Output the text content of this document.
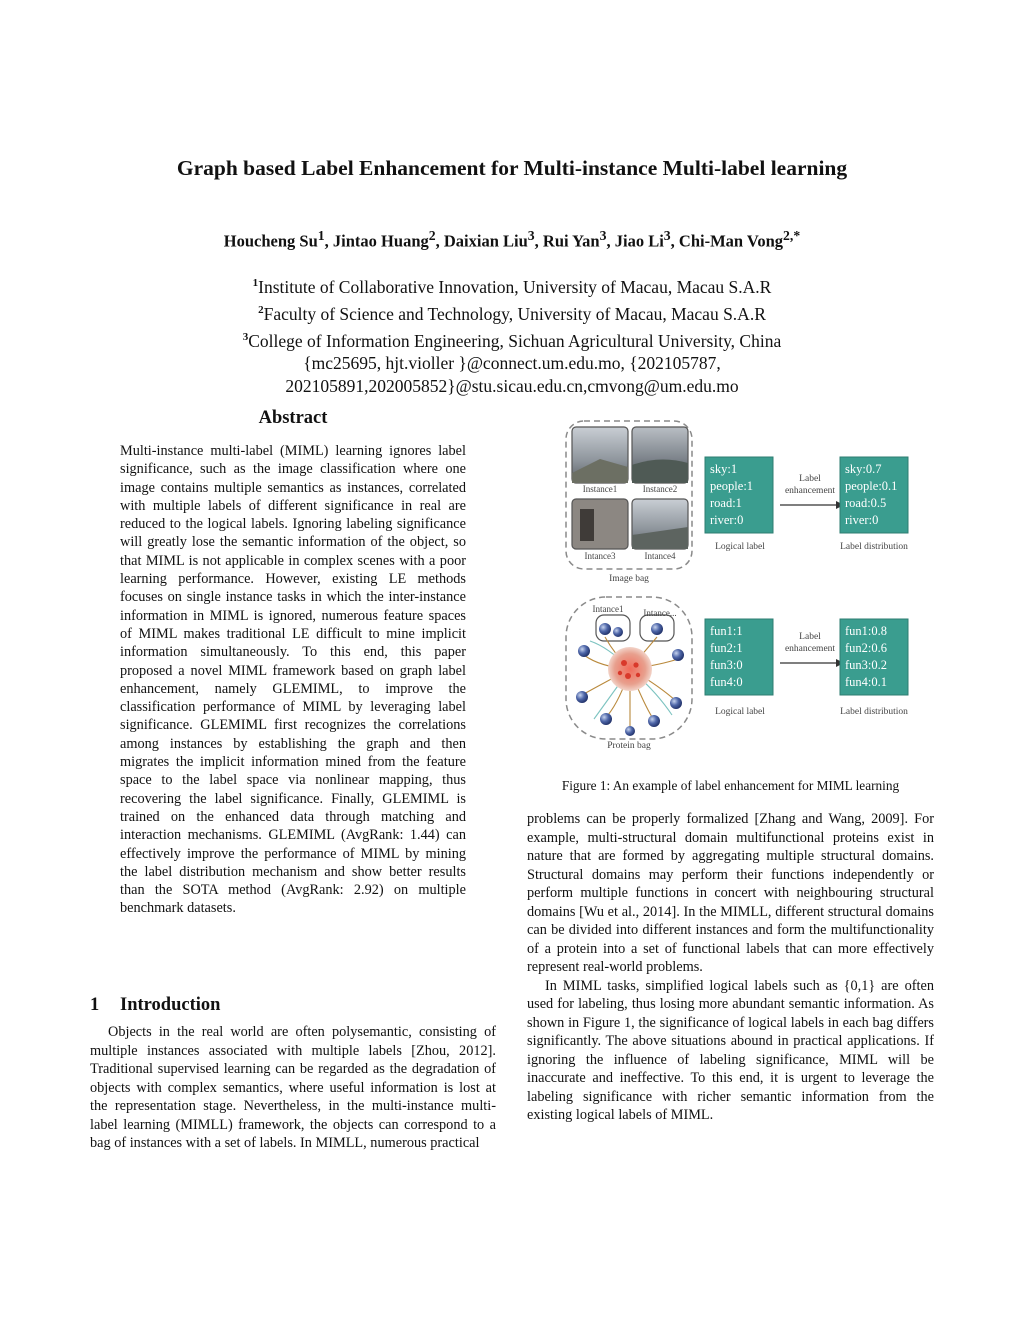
Graph based Label Enhancement for Multi-instance Multi-label learning
Houcheng Su$^1$, Jintao Huang$^2$, Daixian Liu$^3$, Rui Yan$^3$, Jiao Li$^3$, Chi-Man Vong$^{2,*}$
$^1$Institute of Collaborative Innovation, University of Macau, Macau S.A.R
$^2$Faculty of Science and Technology, University of Macau, Macau S.A.R
$^3$College of Information Engineering, Sichuan Agricultural University, China
{mc25695, hjt.violler }@connect.um.edu.mo, {202105787,
202105891,202005852}@stu.sicau.edu.cn,cmvong@um.edu.mo
Abstract
Multi-instance multi-label (MIML) learning ignores label significance, such as the image classification where one image contains multiple semantics as instances, correlated with multiple labels of different significance in real are reduced to the logical labels. Ignoring labeling significance will greatly lose the semantic information of the object, so that MIML is not applicable in complex scenes with a poor learning performance. However, existing LE methods focuses on single instance tasks in which the inter-instance information in MIML is ignored, numerous feature spaces of MIML makes traditional LE difficult to mine implicit information simultaneously. To this end, this paper proposed a novel MIML framework based on graph label enhancement, namely GLEMIML, to improve the classification performance of MIML by leveraging label significance. GLEMIML first recognizes the correlations among instances by establishing the graph and then migrates the implicit information mined from the feature space to the label space via nonlinear mapping, thus recovering the label significance. Finally, GLEMIML is trained on the enhanced data through matching and interaction mechanisms. GLEMIML (AvgRank: 1.44) can effectively improve the performance of MIML by mining the label distribution mechanism and show better results than the SOTA method (AvgRank: 2.92) on multiple benchmark datasets.
1 Introduction

Objects in the real world are often polysemantic, consisting of multiple instances associated with multiple labels [Zhou, 2012]. Traditional supervised learning can be regarded as the degradation of objects with complex semantics, where useful information is lost at the representation stage. Nevertheless, in the multi-instance multi-label learning (MIMLL) framework, the objects can correspond to a bag of instances with a set of labels. In MIMLL, numerous practical

Instance1	Instance2
Intance3	Intance4
Image bag
sky:1
people:1
road:1
river:0
Logical label
Label
enhancement
sky:0.7
people:0.1
road:0.5
river:0
Label distribution
Intance1 Intance...
Protein bag
fun1:1
fun2:1
fun3:0
fun4:0
Logical label
Label
enhancement
fun1:0.8
fun2:0.6
fun3:0.2
fun4:0.1
Label distribution
Figure 1: An example of label enhancement for MIML learning

problems can be properly formalized [Zhang and Wang, 2009]. For example, multi-structural domain multifunctional proteins exist in nature that are formed by aggregating multiple structural domains. Structural domains may perform their functions independently or perform multiple functions in concert with neighbouring structural domains [Wu et al., 2014]. In the MIMLL, different structural domains can be divided into different instances and form the multifunctionality of a protein into a set of functional labels that can more effectively represent real-world problems.

In MIML tasks, simplified logical labels such as {0,1} are often used for labeling, thus losing more abundant semantic information. As shown in Figure 1, the significance of logical labels in each bag differs significantly. The above situations abound in practical applications. If ignoring the influence of labeling significance, MIML will be inaccurate and ineffective. To this end, it is urgent to leverage the labeling significance with richer semantic information from the existing logical labels of MIML.
